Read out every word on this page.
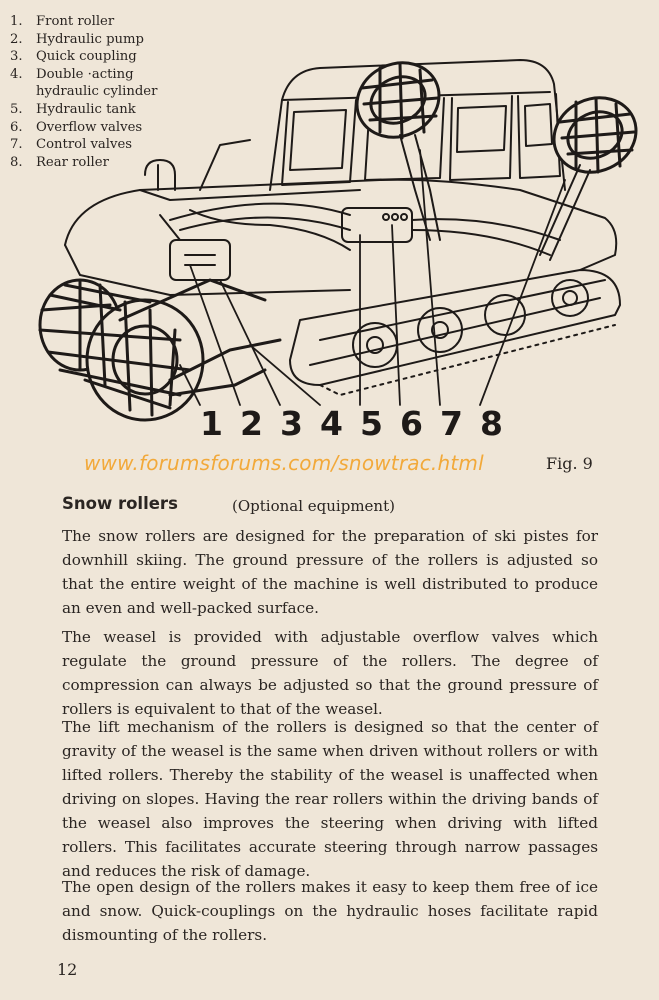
1. Front roller
2. Hydraulic pump
3. Quick coupling
4. Double ·acting
hydraulic cylinder
5. Hydraulic tank
6. Overflow valves
7. Control valves
8. Rear roller
1 2 3 4 5 6 7 8
www.forumsforums.com/snowtrac.html	Fig. 9
Snow rollers	(Optional equipment)

The snow rollers are designed for the preparation of ski pistes for downhill skiing. The ground pressure of the rollers is adjusted so that the entire weight of the machine is well distributed to produce an even and well-packed surface.

The weasel is provided with adjustable overflow valves which regulate the ground pressure of the rollers. The degree of compression can always be adjusted so that the ground pressure of rollers is equivalent to that of the weasel.

The lift mechanism of the rollers is designed so that the center of gravity of the weasel is the same when driven without rollers or with lifted rollers. Thereby the stability of the weasel is unaffected when driving on slopes. Having the rear rollers within the driving bands of the weasel also improves the steering when driving with lifted rollers. This facilitates accurate steering through narrow passages and reduces the risk of damage.

The open design of the rollers makes it easy to keep them free of ice and snow. Quick-couplings on the hydraulic hoses facilitate rapid dismounting of the rollers.

12
